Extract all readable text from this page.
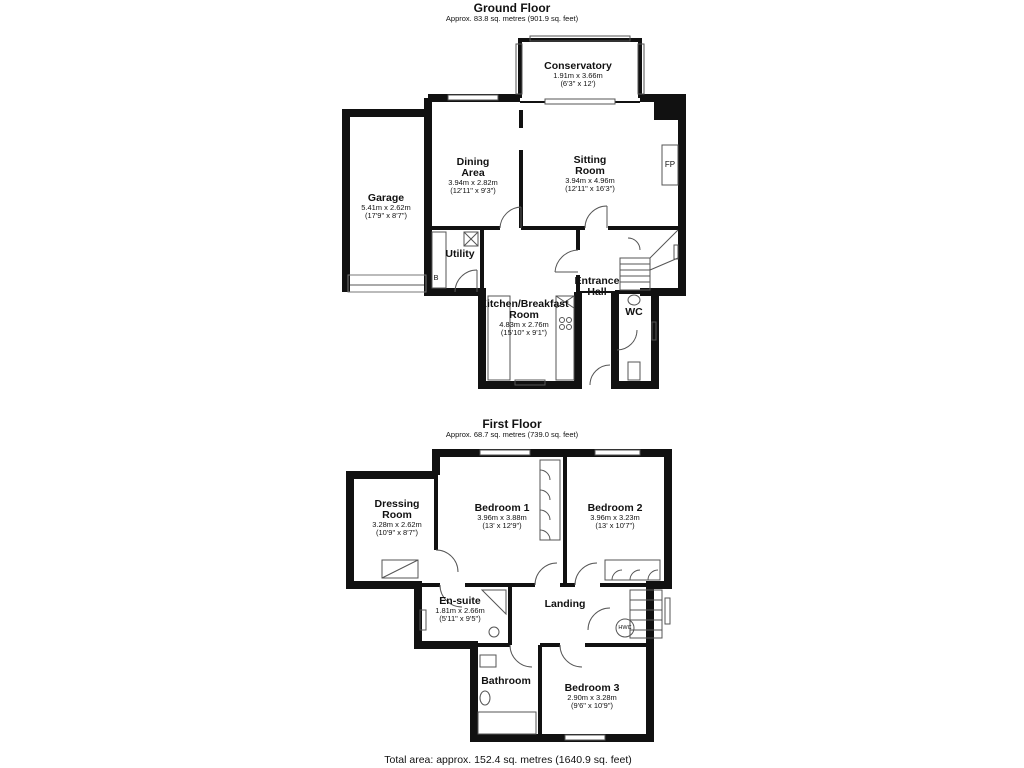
Ground Floor
Approx. 83.8 sq. metres (901.9 sq. feet)
Conservatory
1.91m x 3.66m
(6'3" x 12')
Dining
Area
3.94m x 2.82m
(12'11" x 9'3")
Sitting
Room
3.94m x 4.96m
(12'11" x 16'3")
FP
Garage
5.41m x 2.62m
(17'9" x 8'7")
Utility
B
Kitchen/Breakfast
Room
4.83m x 2.76m
(15'10" x 9'1")
Entrance
Hall
WC
First Floor
Approx. 68.7 sq. metres (739.0 sq. feet)
Dressing
Room
3.28m x 2.62m
(10'9" x 8'7")
Bedroom 1
3.96m x 3.88m
(13' x 12'9")
Bedroom 2
3.96m x 3.23m
(13' x 10'7")
En-suite
1.81m x 2.66m
(5'11" x 9'5")
Landing
HWC
Bathroom
Bedroom 3
2.90m x 3.28m
(9'6" x 10'9")
Total area: approx. 152.4 sq. metres (1640.9 sq. feet)
